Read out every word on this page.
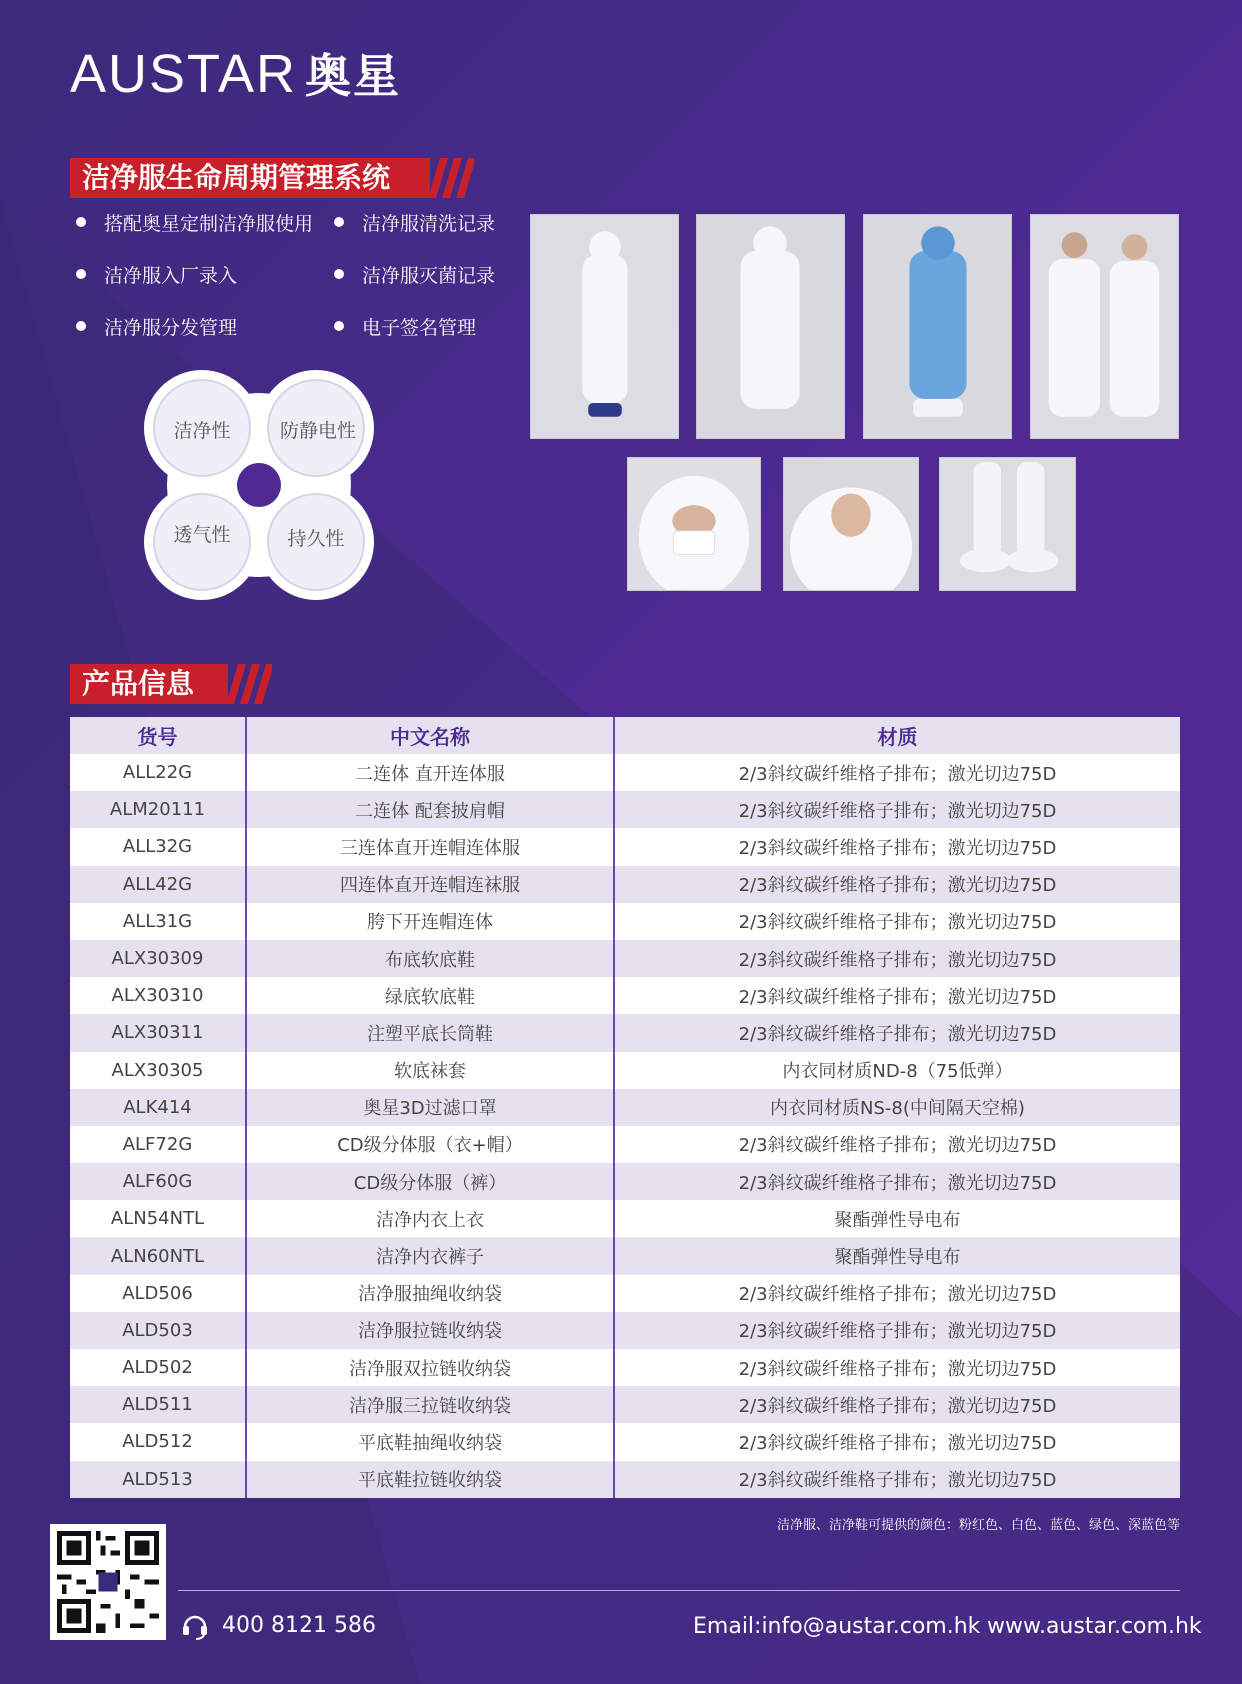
AUSTAR 奥星
洁净服生命周期管理系统
搭配奥星定制洁净服使用	洁净服清洗记录
洁净服入厂录入	洁净服灭菌记录
洁净服分发管理	电子签名管理
洁净性	防静电性
透气性	持久性
产品信息
货号	中文名称	材质
ALL22G	二连体 直开连体服	2/3斜纹碳纤维格子排布；激光切边75D
ALM20111	二连体 配套披肩帽	2/3斜纹碳纤维格子排布；激光切边75D
ALL32G	三连体直开连帽连体服	2/3斜纹碳纤维格子排布；激光切边75D
ALL42G	四连体直开连帽连袜服	2/3斜纹碳纤维格子排布；激光切边75D
ALL31G	胯下开连帽连体	2/3斜纹碳纤维格子排布；激光切边75D
ALX30309	布底软底鞋	2/3斜纹碳纤维格子排布；激光切边75D
ALX30310	绿底软底鞋	2/3斜纹碳纤维格子排布；激光切边75D
ALX30311	注塑平底长筒鞋	2/3斜纹碳纤维格子排布；激光切边75D
ALX30305	软底袜套	内衣同材质ND-8（75低弹）
ALK414	奥星3D过滤口罩	内衣同材质NS-8(中间隔天空棉)
ALF72G	CD级分体服（衣+帽）	2/3斜纹碳纤维格子排布；激光切边75D
ALF60G	CD级分体服（裤）	2/3斜纹碳纤维格子排布；激光切边75D
ALN54NTL	洁净内衣上衣	聚酯弹性导电布
ALN60NTL	洁净内衣裤子	聚酯弹性导电布
ALD506	洁净服抽绳收纳袋	2/3斜纹碳纤维格子排布；激光切边75D
ALD503	洁净服拉链收纳袋	2/3斜纹碳纤维格子排布；激光切边75D
ALD502	洁净服双拉链收纳袋	2/3斜纹碳纤维格子排布；激光切边75D
ALD511	洁净服三拉链收纳袋	2/3斜纹碳纤维格子排布；激光切边75D
ALD512	平底鞋抽绳收纳袋	2/3斜纹碳纤维格子排布；激光切边75D
ALD513	平底鞋拉链收纳袋	2/3斜纹碳纤维格子排布；激光切边75D
洁净服、洁净鞋可提供的颜色：粉红色、白色、蓝色、绿色、深蓝色等
400 8121 586	Email:info@austar.com.hk www.austar.com.hk
